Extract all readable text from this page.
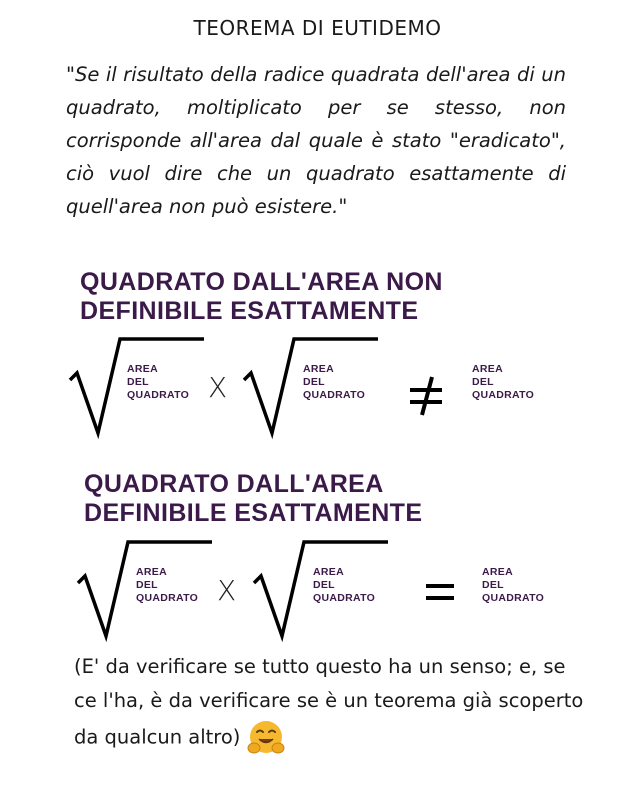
TEOREMA DI EUTIDEMO

"Se il risultato della radice quadrata dell'area di un quadrato, moltiplicato per se stesso, non corrisponde all'area dal quale è stato "eradicato", ciò vuol dire che un quadrato esattamente di quell'area non può esistere."

QUADRATO DALL'AREA NON
DEFINIBILE ESATTAMENTE
AREA
DEL
QUADRATO X
AREA
DEL
QUADRATO
AREA
DEL
QUADRATO
QUADRATO DALL'AREA
DEFINIBILE ESATTAMENTE
AREA
DEL
QUADRATO X
AREA
DEL
QUADRATO
AREA
DEL
QUADRATO

(E' da verificare se tutto questo ha un senso; e, se ce l'ha, è da verificare se è un teorema già scoperto da qualcun altro)
